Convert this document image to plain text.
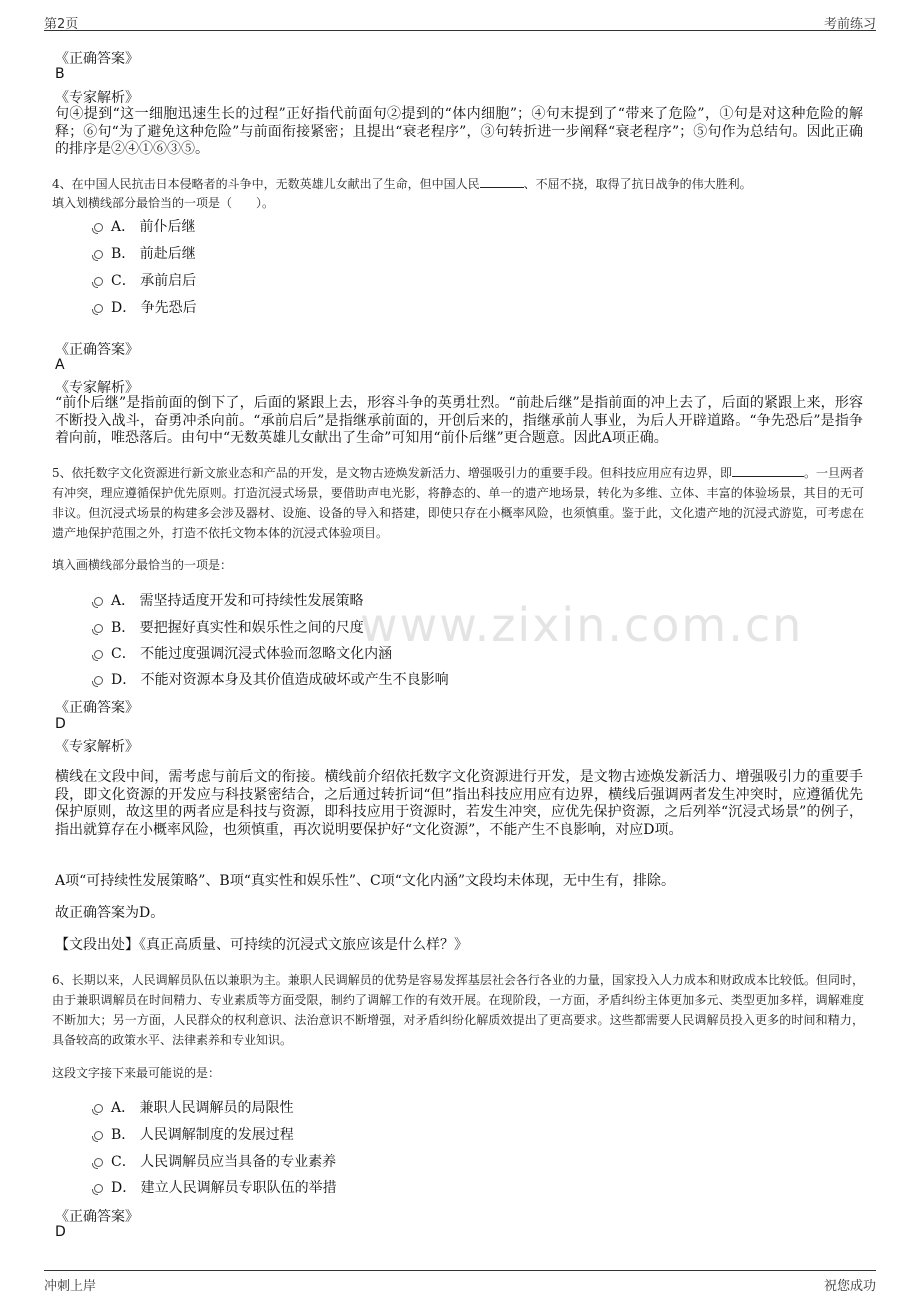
第2页	考前练习
www.zixin.com.cn
《正确答案》
B
《专家解析》
句④提到“这一细胞迅速生长的过程”正好指代前面句②提到的“体内细胞”；④句末提到了“带来了危险”，①句是对这种危险的解释；⑥句“为了避免这种危险”与前面衔接紧密；且提出“衰老程序”，③句转折进一步阐释“衰老程序”；⑤句作为总结句。因此正确的排序是②④①⑥③⑤。
4、在中国人民抗击日本侵略者的斗争中，无数英雄儿女献出了生命，但中国人民	、不屈不挠，取得了抗日战争的伟大胜利。
填入划横线部分最恰当的一项是（　　）。
A． 前仆后继
B． 前赴后继
C． 承前启后
D． 争先恐后
《正确答案》
A
《专家解析》
“前仆后继”是指前面的倒下了，后面的紧跟上去，形容斗争的英勇壮烈。“前赴后继”是指前面的冲上去了，后面的紧跟上来，形容不断投入战斗，奋勇冲杀向前。“承前启后”是指继承前面的，开创后来的，指继承前人事业，为后人开辟道路。“争先恐后”是指争着向前，唯恐落后。由句中“无数英雄儿女献出了生命”可知用“前仆后继”更合题意。因此A项正确。
5、依托数字文化资源进行新文旅业态和产品的开发，是文物古迹焕发新活力、增强吸引力的重要手段。但科技应用应有边界，即	。一旦两者有冲突，理应遵循保护优先原则。打造沉浸式场景，要借助声电光影，将静态的、单一的遗产地场景，转化为多维、立体、丰富的体验场景，其目的无可非议。但沉浸式场景的构建多会涉及器材、设施、设备的导入和搭建，即使只存在小概率风险，也须慎重。鉴于此，文化遗产地的沉浸式游览，可考虑在遗产地保护范围之外，打造不依托文物本体的沉浸式体验项目。
填入画横线部分最恰当的一项是：
A． 需坚持适度开发和可持续性发展策略
B． 要把握好真实性和娱乐性之间的尺度
C． 不能过度强调沉浸式体验而忽略文化内涵
D． 不能对资源本身及其价值造成破坏或产生不良影响
《正确答案》
D
《专家解析》
横线在文段中间，需考虑与前后文的衔接。横线前介绍依托数字文化资源进行开发，是文物古迹焕发新活力、增强吸引力的重要手段，即文化资源的开发应与科技紧密结合，之后通过转折词“但”指出科技应用应有边界，横线后强调两者发生冲突时，应遵循优先保护原则，故这里的两者应是科技与资源，即科技应用于资源时，若发生冲突，应优先保护资源，之后列举“沉浸式场景”的例子，指出就算存在小概率风险，也须慎重，再次说明要保护好“文化资源”，不能产生不良影响，对应D项。
A项“可持续性发展策略”、B项“真实性和娱乐性”、C项“文化内涵”文段均未体现，无中生有，排除。
故正确答案为D。
【文段出处】《真正高质量、可持续的沉浸式文旅应该是什么样？》
6、长期以来，人民调解员队伍以兼职为主。兼职人民调解员的优势是容易发挥基层社会各行各业的力量，国家投入人力成本和财政成本比较低。但同时，由于兼职调解员在时间精力、专业素质等方面受限，制约了调解工作的有效开展。在现阶段，一方面，矛盾纠纷主体更加多元、类型更加多样，调解难度不断加大；另一方面，人民群众的权利意识、法治意识不断增强，对矛盾纠纷化解质效提出了更高要求。这些都需要人民调解员投入更多的时间和精力，具备较高的政策水平、法律素养和专业知识。
这段文字接下来最可能说的是：
A． 兼职人民调解员的局限性
B． 人民调解制度的发展过程
C． 人民调解员应当具备的专业素养
D． 建立人民调解员专职队伍的举措
《正确答案》
D
冲刺上岸	祝您成功
